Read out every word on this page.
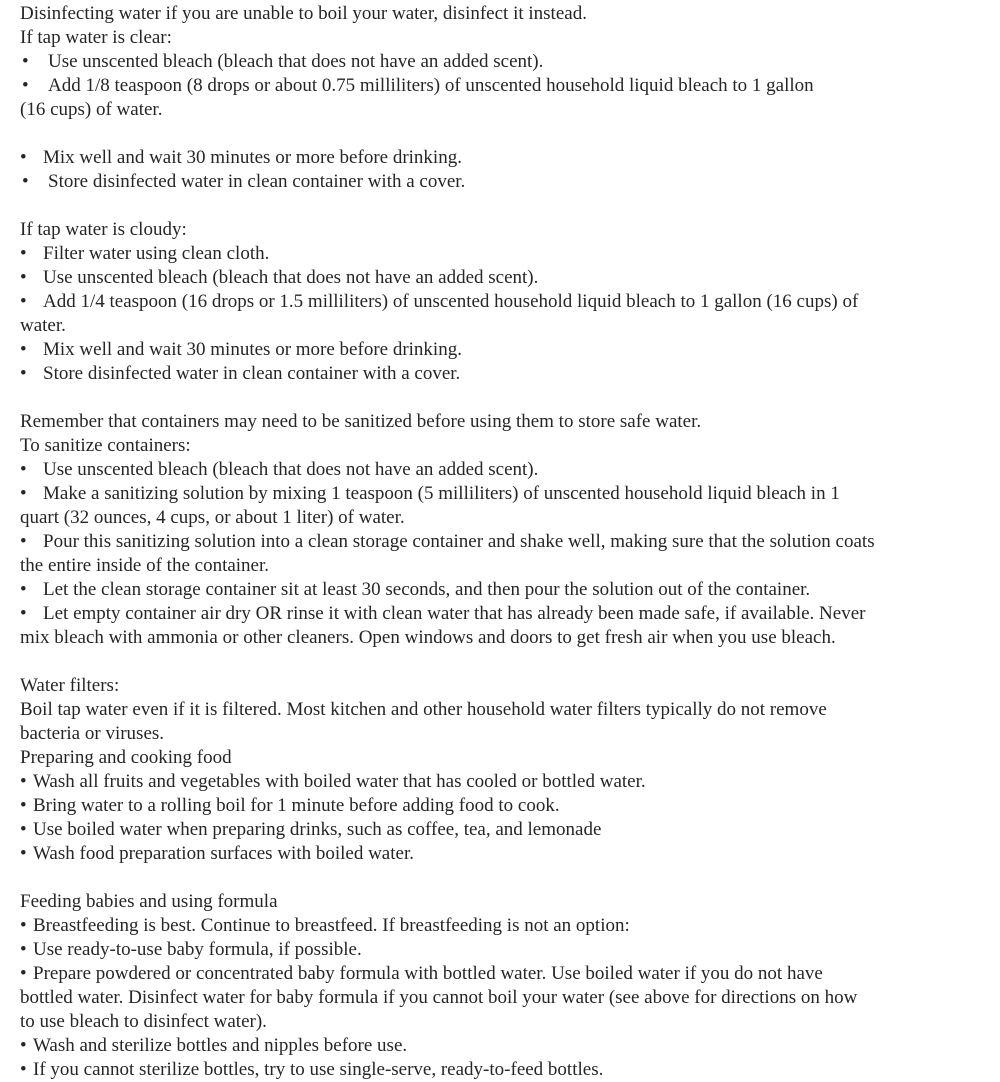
Disinfecting water if you are unable to boil your water, disinfect it instead.
If tap water is clear:
• Use unscented bleach (bleach that does not have an added scent).
• Add 1/8 teaspoon (8 drops or about 0.75 milliliters) of unscented household liquid bleach to 1 gallon
(16 cups) of water.
• Mix well and wait 30 minutes or more before drinking.
• Store disinfected water in clean container with a cover.
If tap water is cloudy:
• Filter water using clean cloth.
• Use unscented bleach (bleach that does not have an added scent).
• Add 1/4 teaspoon (16 drops or 1.5 milliliters) of unscented household liquid bleach to 1 gallon (16 cups) of
water.
• Mix well and wait 30 minutes or more before drinking.
• Store disinfected water in clean container with a cover.
Remember that containers may need to be sanitized before using them to store safe water.
To sanitize containers:
• Use unscented bleach (bleach that does not have an added scent).
• Make a sanitizing solution by mixing 1 teaspoon (5 milliliters) of unscented household liquid bleach in 1
quart (32 ounces, 4 cups, or about 1 liter) of water.
• Pour this sanitizing solution into a clean storage container and shake well, making sure that the solution coats
the entire inside of the container.
• Let the clean storage container sit at least 30 seconds, and then pour the solution out of the container.
• Let empty container air dry OR rinse it with clean water that has already been made safe, if available. Never
mix bleach with ammonia or other cleaners. Open windows and doors to get fresh air when you use bleach.
Water filters:
Boil tap water even if it is filtered. Most kitchen and other household water filters typically do not remove
bacteria or viruses.
Preparing and cooking food
• Wash all fruits and vegetables with boiled water that has cooled or bottled water.
• Bring water to a rolling boil for 1 minute before adding food to cook.
• Use boiled water when preparing drinks, such as coffee, tea, and lemonade
• Wash food preparation surfaces with boiled water.
Feeding babies and using formula
• Breastfeeding is best. Continue to breastfeed. If breastfeeding is not an option:
• Use ready-to-use baby formula, if possible.
• Prepare powdered or concentrated baby formula with bottled water. Use boiled water if you do not have
bottled water. Disinfect water for baby formula if you cannot boil your water (see above for directions on how
to use bleach to disinfect water).
• Wash and sterilize bottles and nipples before use.
• If you cannot sterilize bottles, try to use single-serve, ready-to-feed bottles.
